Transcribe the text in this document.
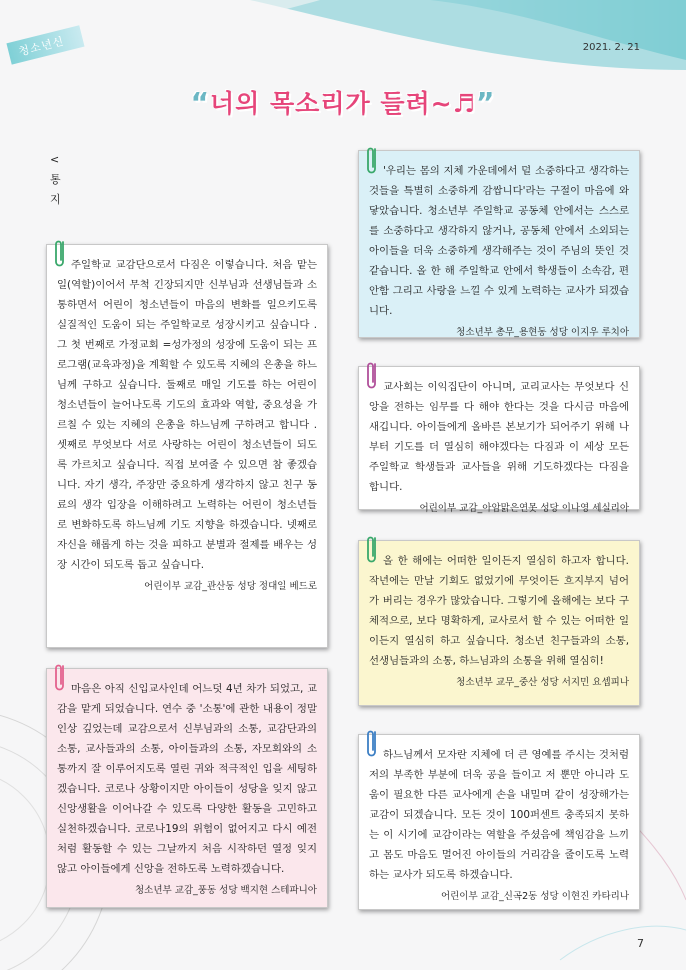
청소년신	2021. 2. 21
“너의 목소리가 들려~♬”
<
통
지

주일학교 교감단으로서 다짐은 이렇습니다. 처음 맡는 일(역할)이어서 무척 긴장되지만 신부님과 선생님들과 소통하면서 어린이 청소년들이 마음의 변화를 일으키도록 실질적인 도움이 되는 주일학교로 성장시키고 싶습니다 . 그 첫 번째로 가정교회 =성가정의 성장에 도움이 되는 프로그램(교육과정)을 계획할 수 있도록 지혜의 은총을 하느님께 구하고 싶습니다. 둘째로 매일 기도를 하는 어린이 청소년들이 늘어나도록 기도의 효과와 역할, 중요성을 가르칠 수 있는 지혜의 은총을 하느님께 구하려고 합니다 . 셋째로 무엇보다 서로 사랑하는 어린이 청소년들이 되도록 가르치고 싶습니다. 직접 보여줄 수 있으면 참 좋겠습니다. 자기 생각, 주장만 중요하게 생각하지 않고 친구 동료의 생각 입장을 이해하려고 노력하는 어린이 청소년들로 변화하도록 하느님께 기도 지향을 하겠습니다. 넷째로 자신을 해롭게 하는 것을 피하고 분별과 절제를 배우는 성장 시간이 되도록 돕고 싶습니다.

어린이부 교감_관산동 성당 정대일 베드로

'우리는 몸의 지체 가운데에서 덜 소중하다고 생각하는 것들을 특별히 소중하게 감쌉니다'라는 구절이 마음에 와 닿았습니다. 청소년부 주일학교 공동체 안에서는 스스로를 소중하다고 생각하지 않거나, 공동체 안에서 소외되는 아이들을 더욱 소중하게 생각해주는 것이 주님의 뜻인 것 같습니다. 올 한 해 주일학교 안에서 학생들이 소속감, 편안함 그리고 사랑을 느낄 수 있게 노력하는 교사가 되겠습니다.

청소년부 총무_용현동 성당 이지우 루치아

교사회는 이익집단이 아니며, 교리교사는 무엇보다 신앙을 전하는 임무를 다 해야 한다는 것을 다시금 마음에 새깁니다. 아이들에게 올바른 본보기가 되어주기 위해 나부터 기도를 더 열심히 해야겠다는 다짐과 이 세상 모든 주일학교 학생들과 교사들을 위해 기도하겠다는 다짐을 합니다.

어린이부 교감_아암맑은연못 성당 이나영 세실리아

올 한 해에는 어떠한 일이든지 열심히 하고자 합니다. 작년에는 만날 기회도 없었기에 무엇이든 흐지부지 넘어가 버리는 경우가 많았습니다. 그렇기에 올해에는 보다 구체적으로, 보다 명확하게, 교사로서 할 수 있는 어떠한 일이든지 열심히 하고 싶습니다. 청소년 친구들과의 소통, 선생님들과의 소통, 하느님과의 소통을 위해 열심히!

청소년부 교무_중산 성당 서지민 요셉피나

마음은 아직 신입교사인데 어느덧 4년 차가 되었고, 교감을 맡게 되었습니다. 연수 중 '소통'에 관한 내용이 정말 인상 깊었는데 교감으로서 신부님과의 소통, 교감단과의 소통, 교사들과의 소통, 아이들과의 소통, 자모회와의 소통까지 잘 이루어지도록 열린 귀와 적극적인 입을 세팅하겠습니다. 코로나 상황이지만 아이들이 성당을 잊지 않고 신앙생활을 이어나갈 수 있도록 다양한 활동을 고민하고 실천하겠습니다. 코로나19의 위험이 없어지고 다시 예전처럼 활동할 수 있는 그날까지 처음 시작하던 열정 잊지 않고 아이들에게 신앙을 전하도록 노력하겠습니다.

청소년부 교감_풍동 성당 백지현 스테파니아

하느님께서 모자란 지체에 더 큰 영예를 주시는 것처럼 저의 부족한 부분에 더욱 공을 들이고 저 뿐만 아니라 도움이 필요한 다른 교사에게 손을 내밀며 같이 성장해가는 교감이 되겠습니다. 모든 것이 100퍼센트 충족되지 못하는 이 시기에 교감이라는 역할을 주셨음에 책임감을 느끼고 몸도 마음도 멀어진 아이들의 거리감을 줄이도록 노력하는 교사가 되도록 하겠습니다.

어린이부 교감_신곡2동 성당 이현진 카타리나
7
